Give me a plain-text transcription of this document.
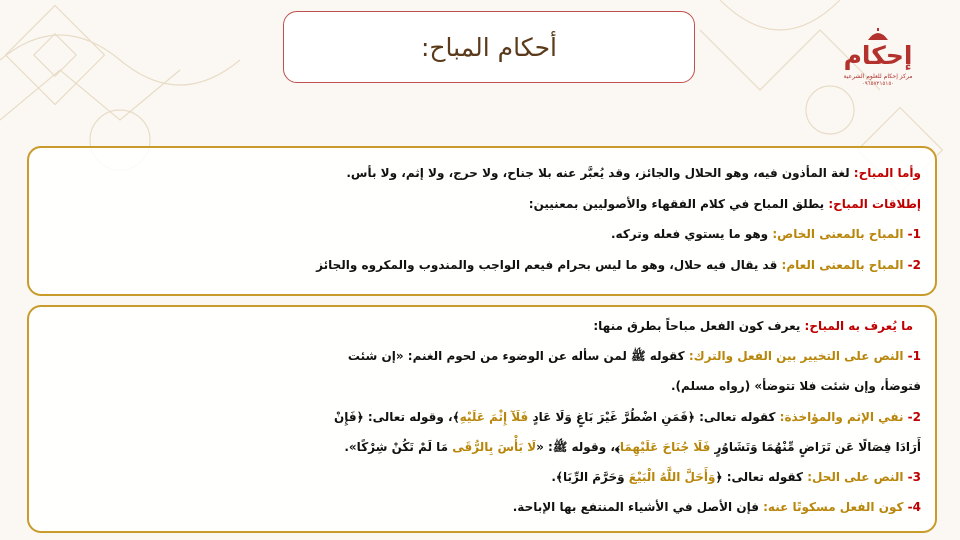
أحكام المباح:	إحكام
مركز إحكام للعلوم الشرعية
٠٩٦٥٧٢١٥١٥٠
وأما المباح: لغة المأذون فيه، وهو الحلال والجائز، وقد يُعبَّر عنه بلا جناح، ولا حرج، ولا إثم، ولا بأس.
إطلاقات المباح: يطلق المباح في كلام الفقهاء والأصوليين بمعنيين:
1- المباح بالمعنى الخاص: وهو ما يستوي فعله وتركه.
2- المباح بالمعنى العام: قد يقال فيه حلال، وهو ما ليس بحرام فيعم الواجب والمندوب والمكروه والجائز
ما يُعرف به المباح: يعرف كون الفعل مباحاً بطرق منها:
1- النص على التخيير بين الفعل والترك: كقوله ﷺ لمن سأله عن الوضوء من لحوم الغنم: «إن شئت
فتوضأ، وإن شئت فلا تتوضأ» (رواه مسلم).
2- نفي الإثم والمؤاخذة: كقوله تعالى: ﴿فَمَنِ اضْطُرَّ غَيْرَ بَاغٍ وَلَا عَادٍ فَلَآ إِثْمَ عَلَيْهِ﴾، وقوله تعالى: ﴿فَإِنْ
أَرَادَا فِصَالًا عَن تَرَاضٍ مِّنْهُمَا وَتَشَاوُرٍ فَلَا جُنَاحَ عَلَيْهِمَا﴾، وقوله ﷺ: «لَا بَأْسَ بِالرُّقَى مَا لَمْ تَكُنْ شِرْكًا».
3- النص على الحل: كقوله تعالى: ﴿وَأَحَلَّ اللَّهُ الْبَيْعَ وَحَرَّمَ الرِّبَا﴾.
4- كون الفعل مسكوتًا عنه: فإن الأصل في الأشياء المنتفع بها الإباحة.
